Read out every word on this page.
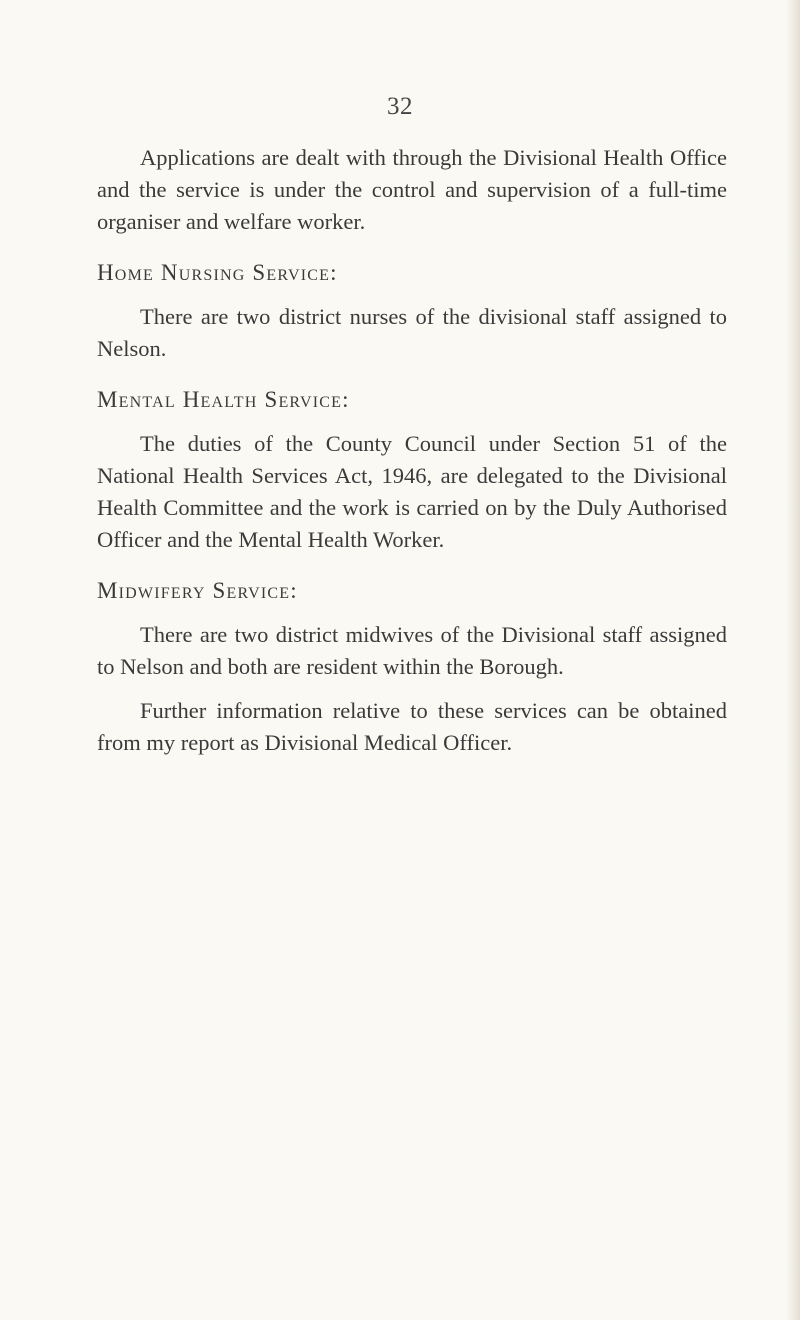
32

Applications are dealt with through the Divisional Health Office and the service is under the control and supervision of a full-time organiser and welfare worker.

Home Nursing Service:

There are two district nurses of the divisional staff assigned to Nelson.

Mental Health Service:

The duties of the County Council under Section 51 of the National Health Services Act, 1946, are delegated to the Divisional Health Committee and the work is carried on by the Duly Authorised Officer and the Mental Health Worker.

Midwifery Service:

There are two district midwives of the Divisional staff assigned to Nelson and both are resident within the Borough.

Further information relative to these services can be obtained from my report as Divisional Medical Officer.
